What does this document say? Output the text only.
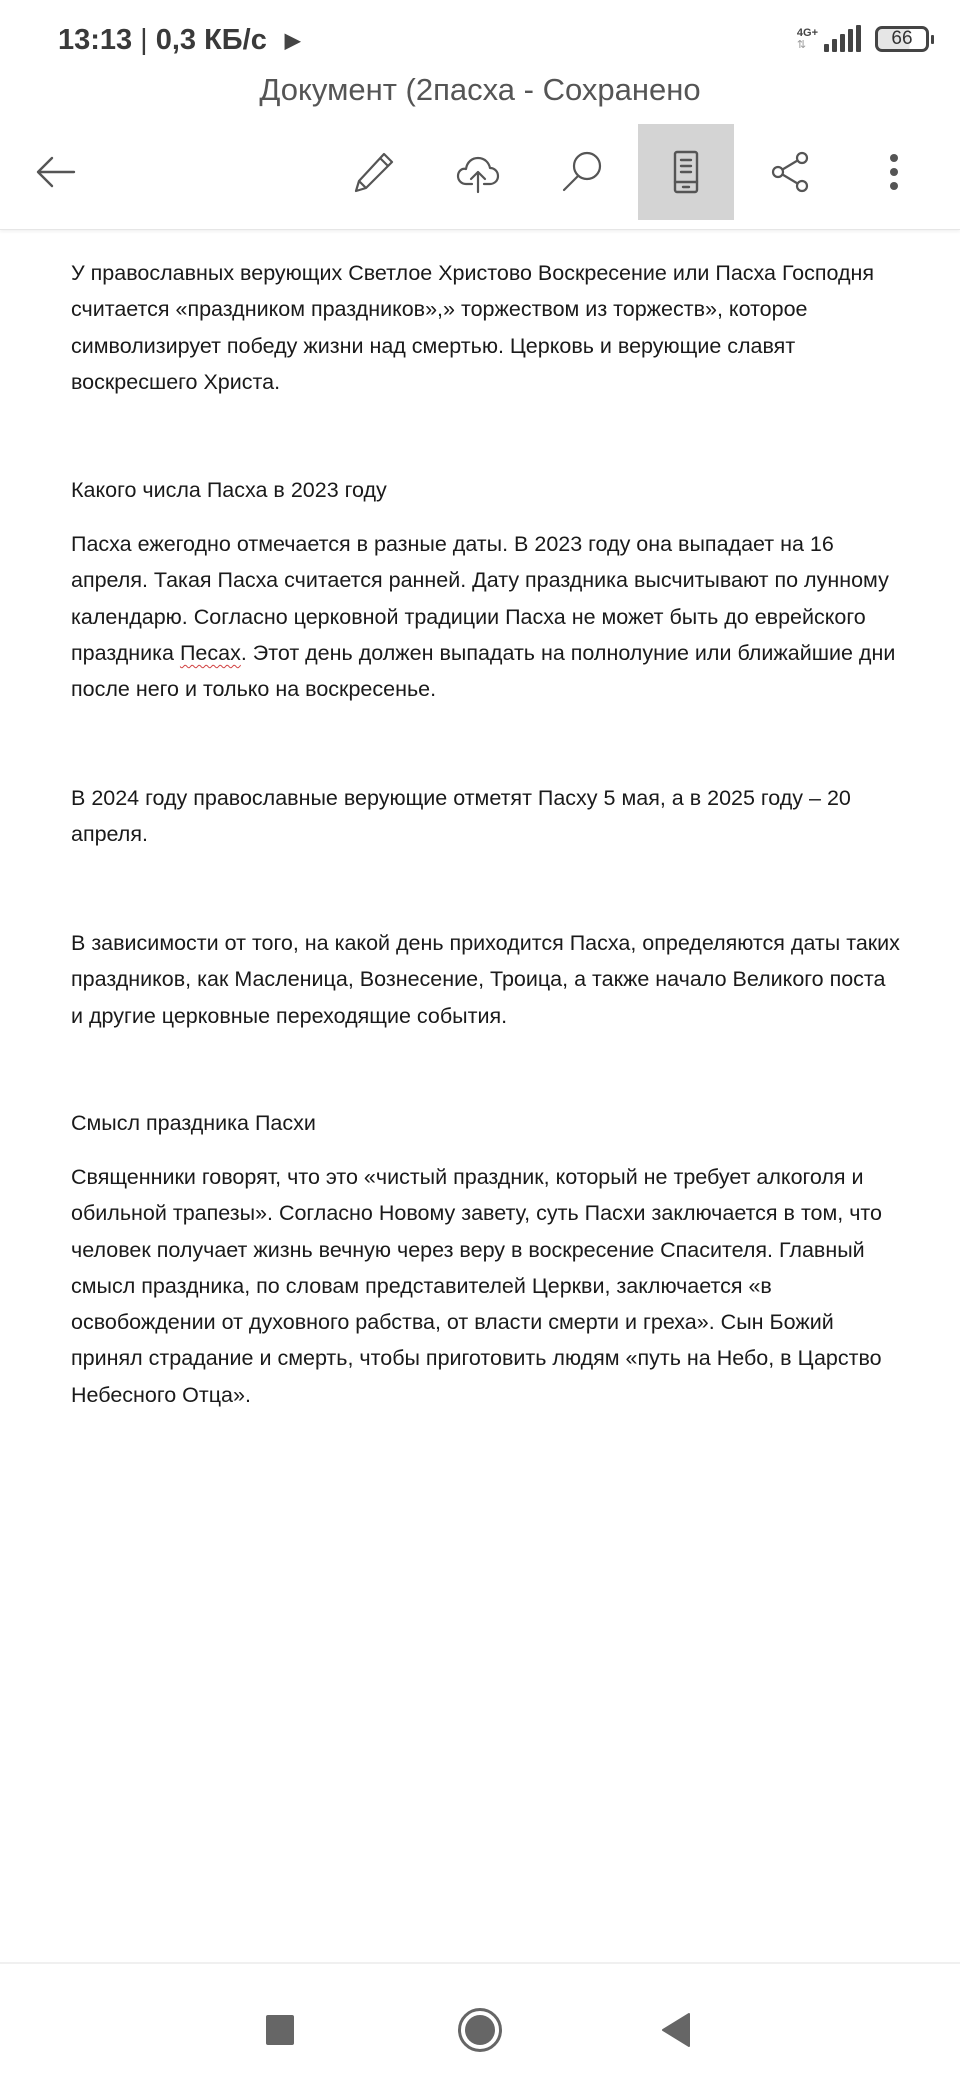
13:13 | 0,3 КБ/с ▶	4G+
⇅	66
Документ (2пасха - Сохранено

У православных верующих Светлое Христово Воскресение или Пасха Господня считается «праздником праздников»,» торжеством из торжеств», которое символизирует победу жизни над смертью. Церковь и верующие славят воскресшего Христа.

Какого числа Пасха в 2023 году

Пасха ежегодно отмечается в разные даты. В 2023 году она выпадает на 16 апреля. Такая Пасха считается ранней. Дату праздника высчитывают по лунному календарю. Согласно церковной традиции Пасха не может быть до еврейского праздника Песах. Этот день должен выпадать на полнолуние или ближайшие дни после него и только на воскресенье.

В 2024 году православные верующие отметят Пасху 5 мая, а в 2025 году – 20 апреля.

В зависимости от того, на какой день приходится Пасха, определяются даты таких праздников, как Масленица, Вознесение, Троица, а также начало Великого поста и другие церковные переходящие события.

Смысл праздника Пасхи

Священники говорят, что это «чистый праздник, который не требует алкоголя и обильной трапезы». Согласно Новому завету, суть Пасхи заключается в том, что человек получает жизнь вечную через веру в воскресение Спасителя. Главный смысл праздника, по словам представителей Церкви, заключается «в освобождении от духовного рабства, от власти смерти и греха». Сын Божий принял страдание и смерть, чтобы приготовить людям «путь на Небо, в Царство Небесного Отца».
